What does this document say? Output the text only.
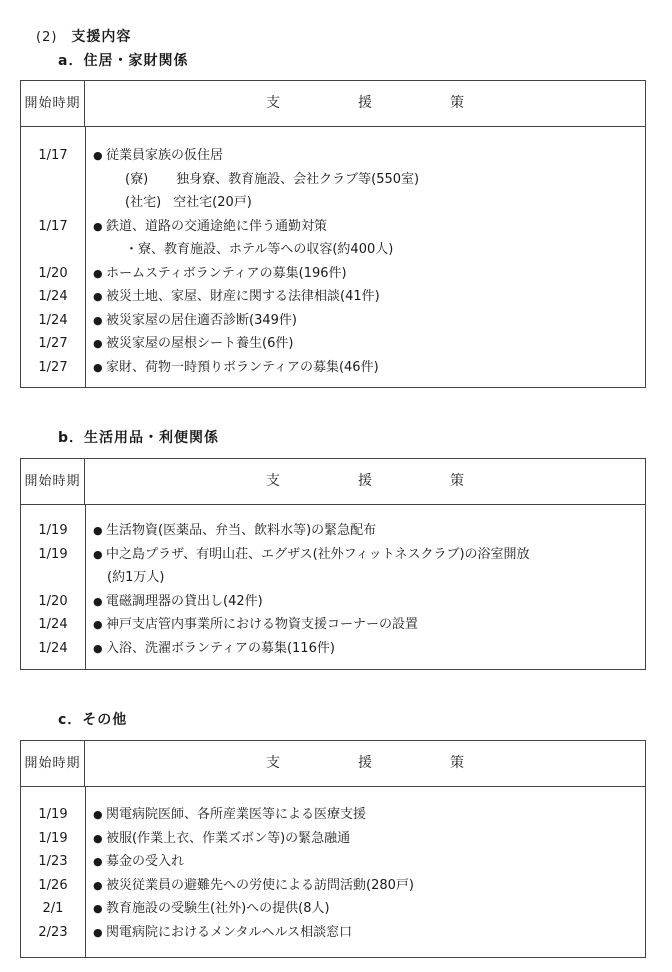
(2) 支援内容
a．住居・家財関係
開始時期	支援策
1/17	● 従業員家族の仮住居
(寮) 独身寮、教育施設、会社クラブ等(550室)
(社宅) 空社宅(20戸)
1/17	● 鉄道、道路の交通途絶に伴う通勤対策
・寮、教育施設、ホテル等への収容(約400人)
1/20	● ホームスティボランティアの募集(196件)
1/24	● 被災土地、家屋、財産に関する法律相談(41件)
1/24	● 被災家屋の居住適否診断(349件)
1/27	● 被災家屋の屋根シート養生(6件)
1/27	● 家財、荷物一時預りボランティアの募集(46件)
b．生活用品・利便関係
開始時期	支援策
1/19	● 生活物資(医薬品、弁当、飲料水等)の緊急配布
1/19	● 中之島プラザ、有明山荘、エグザス(社外フィットネスクラブ)の浴室開放
(約1万人)
1/20	● 電磁調理器の貸出し(42件)
1/24	● 神戸支店管内事業所における物資支援コーナーの設置
1/24	● 入浴、洗濯ボランティアの募集(116件)
c．その他
開始時期	支援策
1/19	● 関電病院医師、各所産業医等による医療支援
1/19	● 被服(作業上衣、作業ズボン等)の緊急融通
1/23	● 募金の受入れ
1/26	● 被災従業員の避難先への労使による訪問活動(280戸)
2/1	● 教育施設の受験生(社外)への提供(8人)
2/23	● 関電病院におけるメンタルヘルス相談窓口
